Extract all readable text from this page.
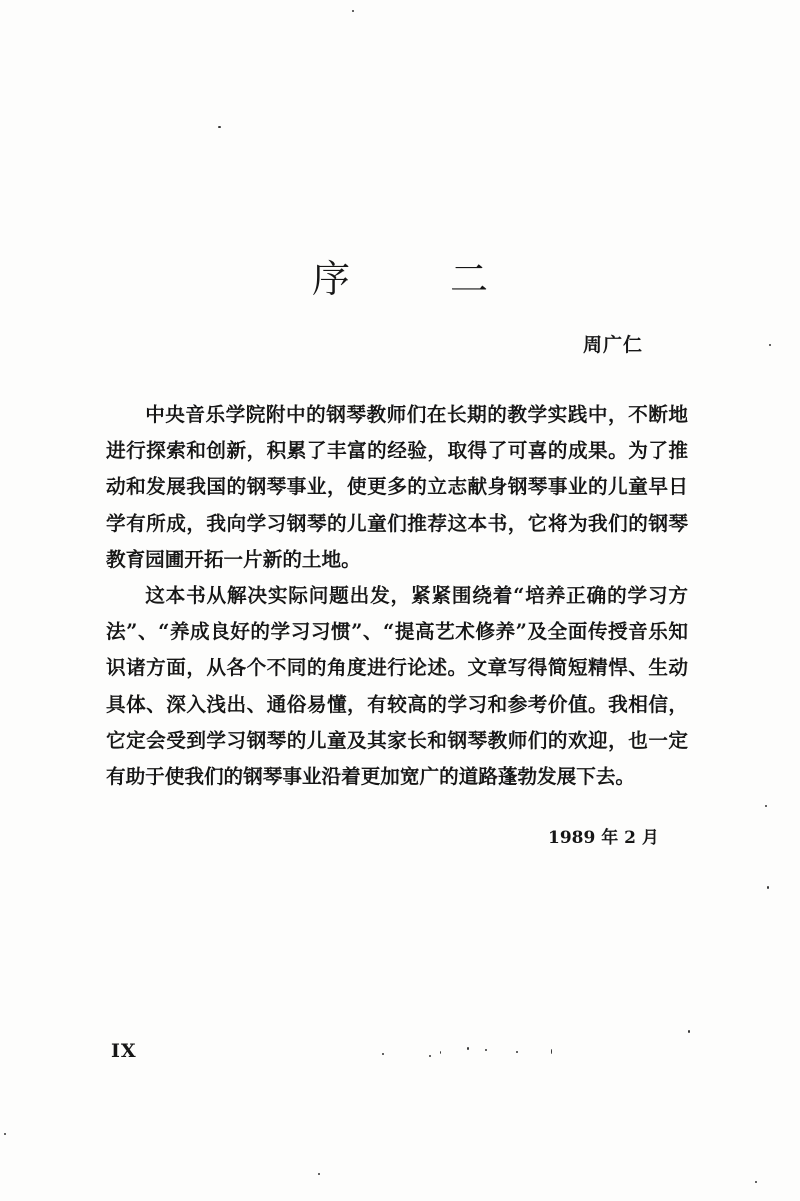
序 二
周广仁

中央音乐学院附中的钢琴教师们在长期的教学实践中，不断地进行探索和创新，积累了丰富的经验，取得了可喜的成果。为了推动和发展我国的钢琴事业，使更多的立志献身钢琴事业的儿童早日学有所成，我向学习钢琴的儿童们推荐这本书，它将为我们的钢琴教育园圃开拓一片新的土地。

这本书从解决实际问题出发，紧紧围绕着“培养正确的学习方法”、“养成良好的学习习惯”、“提高艺术修养”及全面传授音乐知识诸方面，从各个不同的角度进行论述。文章写得简短精悍、生动具体、深入浅出、通俗易懂，有较高的学习和参考价值。我相信，它定会受到学习钢琴的儿童及其家长和钢琴教师们的欢迎，也一定有助于使我们的钢琴事业沿着更加宽广的道路蓬勃发展下去。

1989 年 2 月
IX
